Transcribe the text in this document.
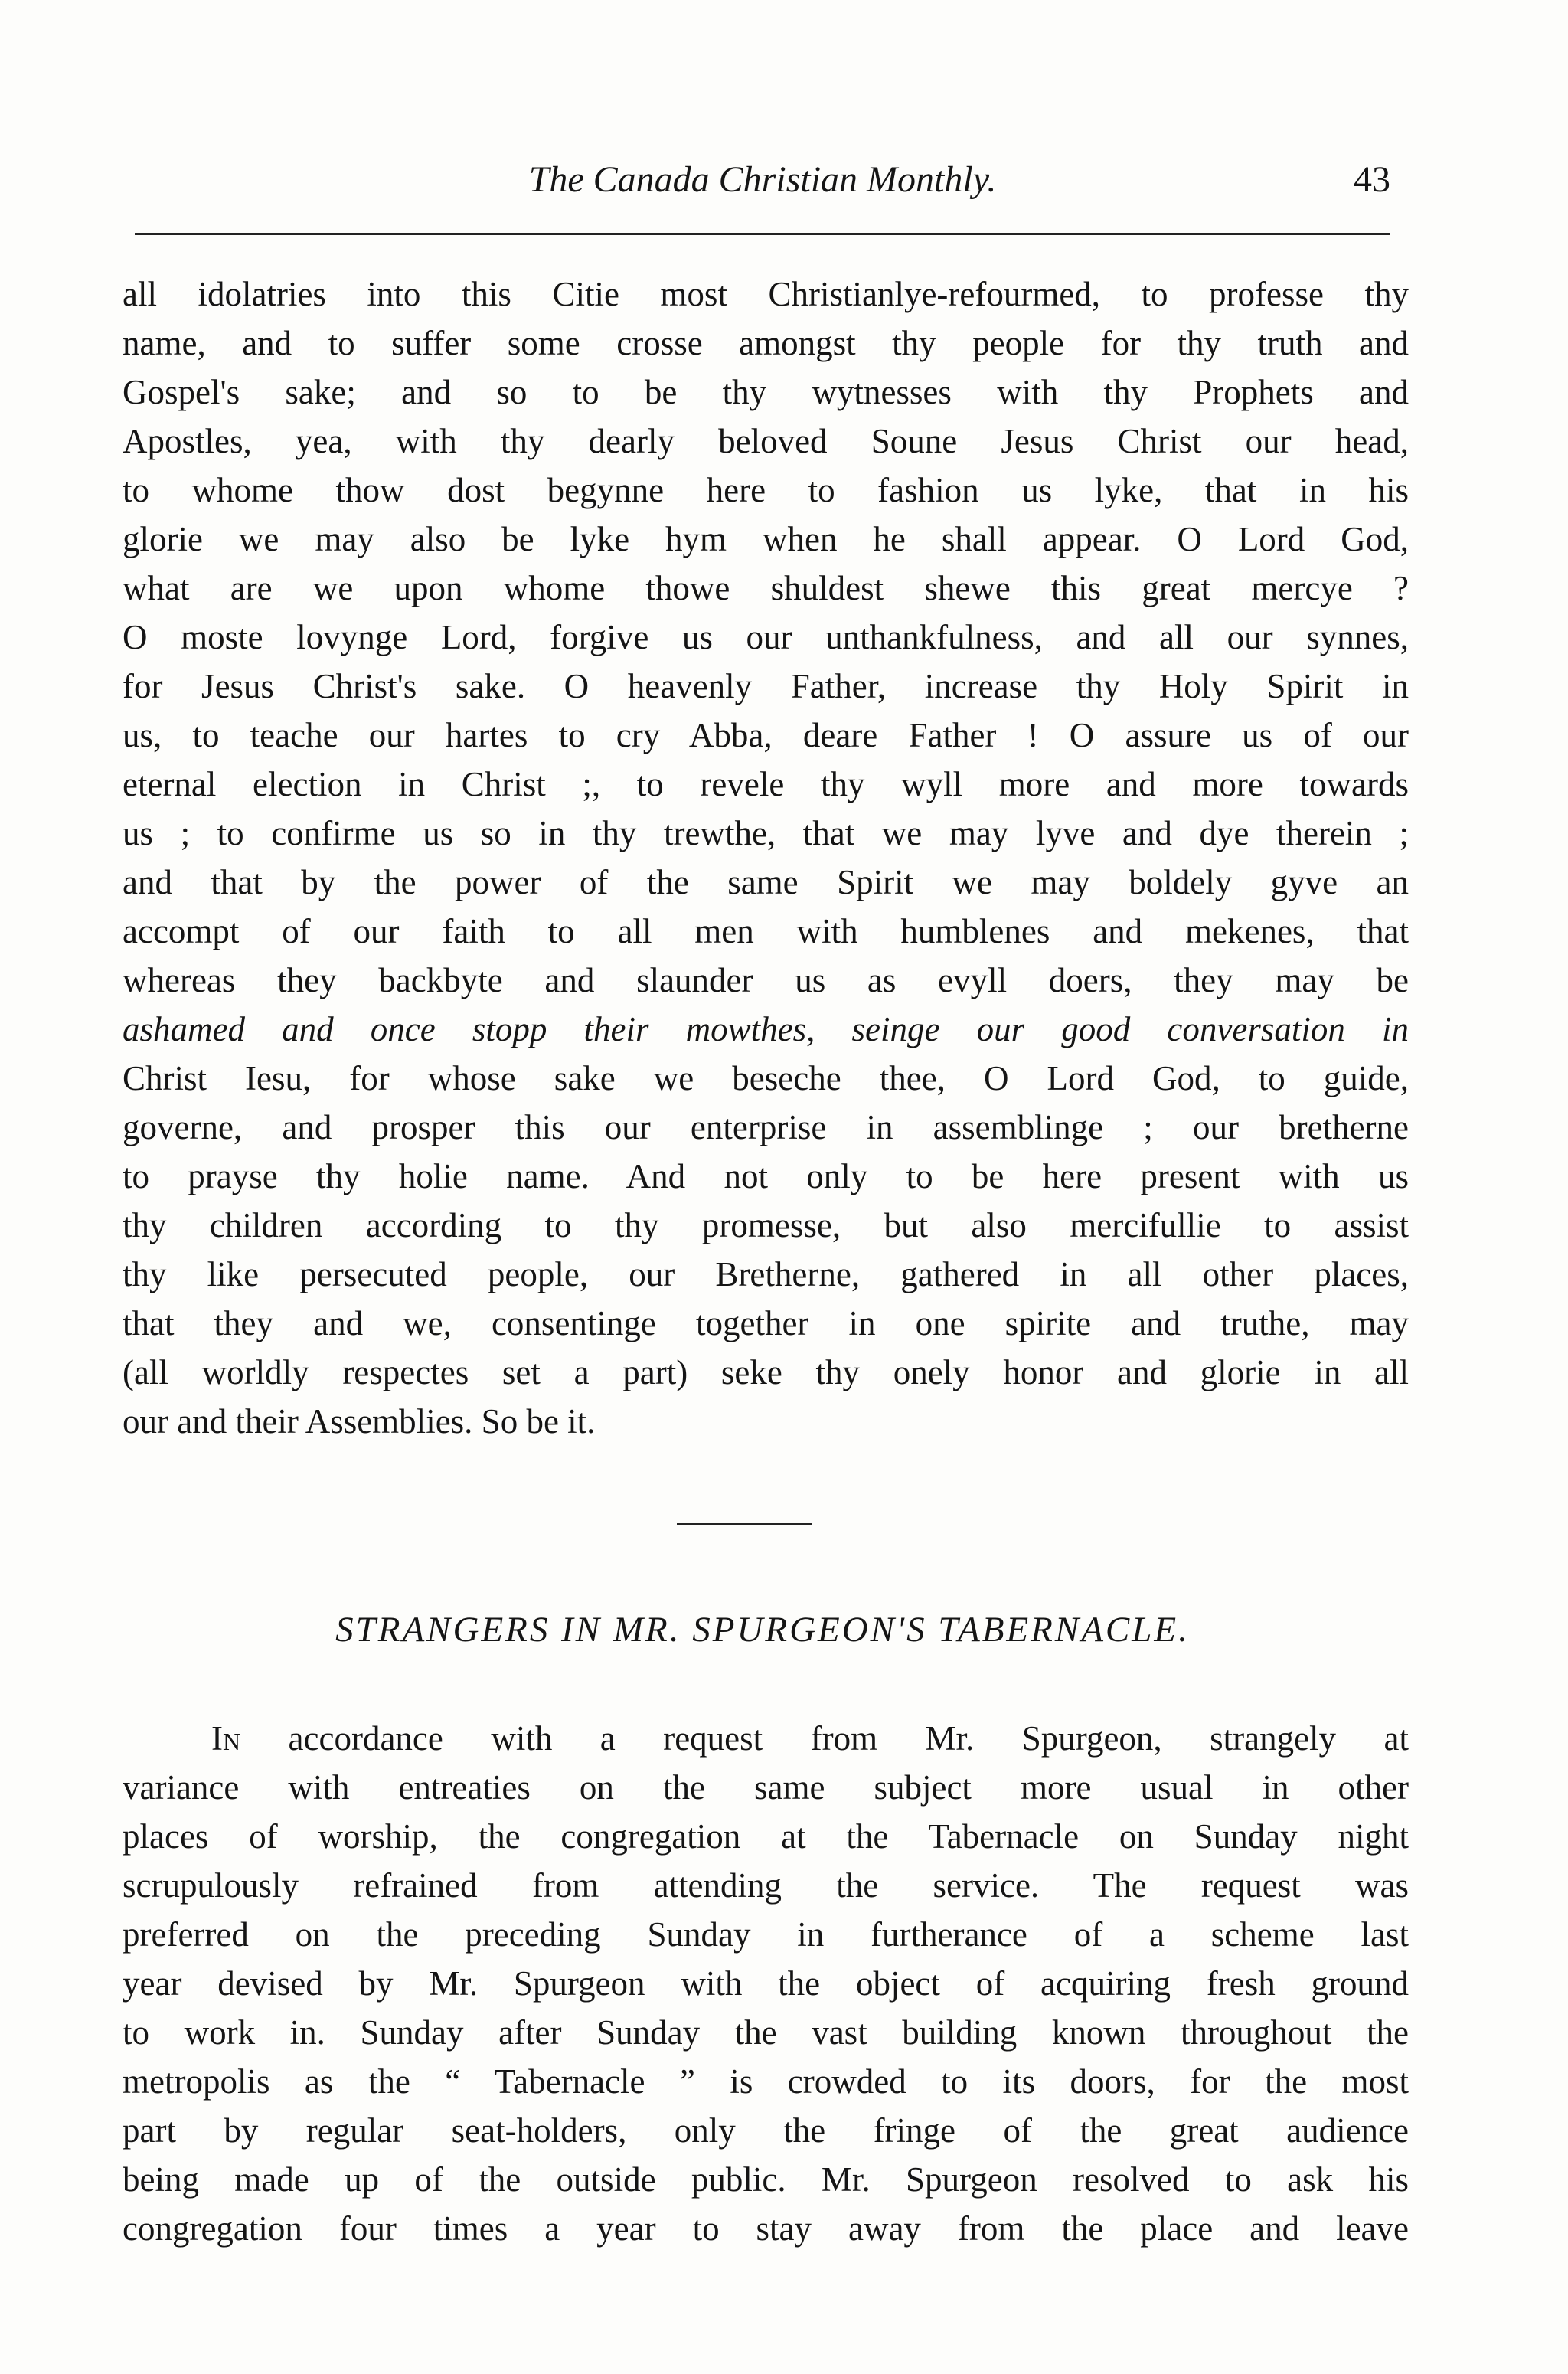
The Canada Christian Monthly.	43
all idolatries into this Citie most Christianlye-refourmed, to professe thy
name, and to suffer some crosse amongst thy people for thy truth and
Gospel's sake; and so to be thy wytnesses with thy Prophets and
Apostles, yea, with thy dearly beloved Soune Jesus Christ our head,
to whome thow dost begynne here to fashion us lyke, that in his
glorie we may also be lyke hym when he shall appear. O Lord God,
what are we upon whome thowe shuldest shewe this great mercye ?
O moste lovynge Lord, forgive us our unthankfulness, and all our synnes,
for Jesus Christ's sake. O heavenly Father, increase thy Holy Spirit in
us, to teache our hartes to cry Abba, deare Father ! O assure us of our
eternal election in Christ ;, to revele thy wyll more and more towards
us ; to confirme us so in thy trewthe, that we may lyve and dye therein ;
and that by the power of the same Spirit we may boldely gyve an
accompt of our faith to all men with humblenes and mekenes, that
whereas they backbyte and slaunder us as evyll doers, they may be
ashamed and once stopp their mowthes, seinge our good conversation in
Christ Iesu, for whose sake we beseche thee, O Lord God, to guide,
governe, and prosper this our enterprise in assemblinge ; our bretherne
to prayse thy holie name. And not only to be here present with us
thy children according to thy promesse, but also mercifullie to assist
thy like persecuted people, our Bretherne, gathered in all other places,
that they and we, consentinge together in one spirite and truthe, may
(all worldly respectes set a part) seke thy onely honor and glorie in all
our and their Assemblies. So be it.
STRANGERS IN MR. SPURGEON'S TABERNACLE.
In accordance with a request from Mr. Spurgeon, strangely at
variance with entreaties on the same subject more usual in other
places of worship, the congregation at the Tabernacle on Sunday night
scrupulously refrained from attending the service. The request was
preferred on the preceding Sunday in furtherance of a scheme last
year devised by Mr. Spurgeon with the object of acquiring fresh ground
to work in. Sunday after Sunday the vast building known throughout the
metropolis as the “ Tabernacle ” is crowded to its doors, for the most
part by regular seat-holders, only the fringe of the great audience
being made up of the outside public. Mr. Spurgeon resolved to ask his
congregation four times a year to stay away from the place and leave
